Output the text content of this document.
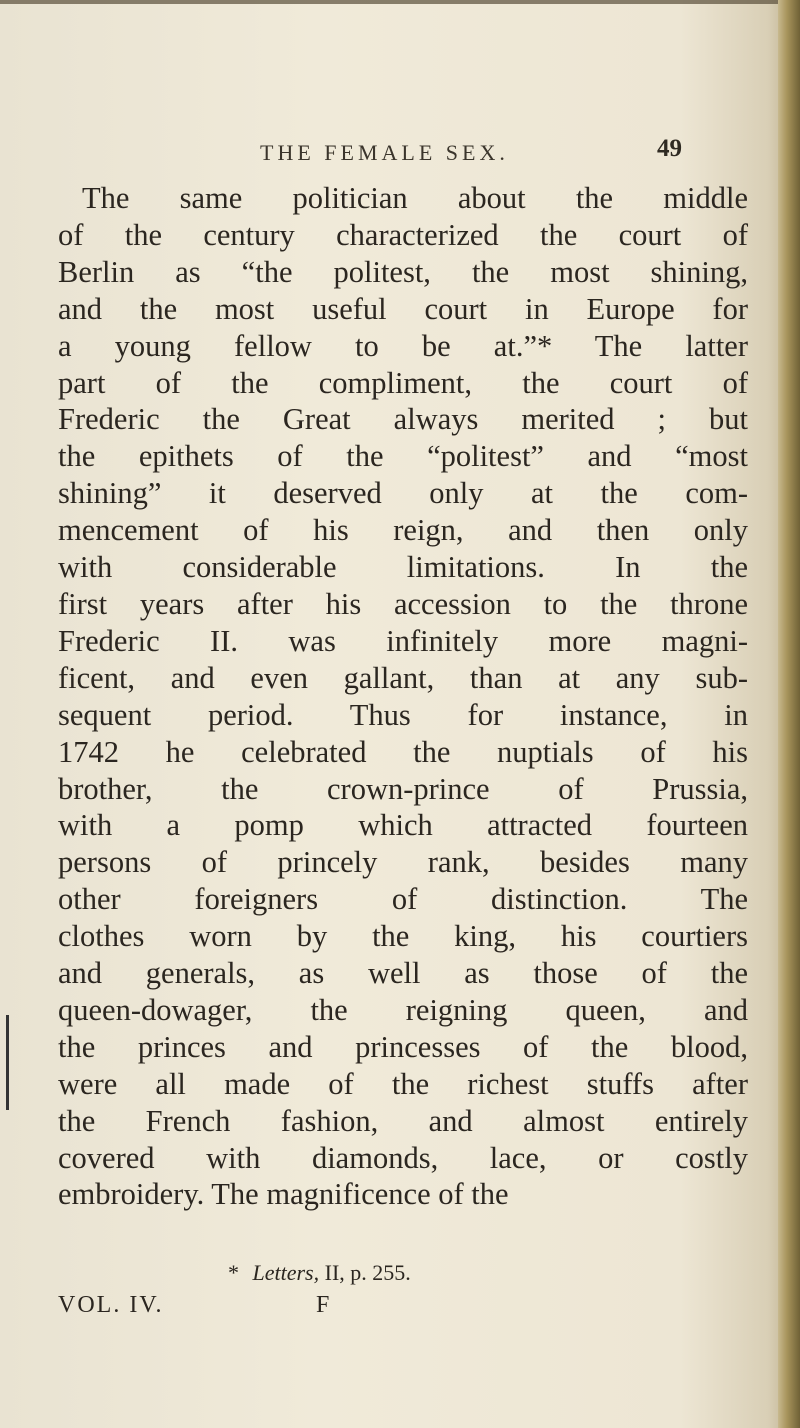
THE FEMALE SEX.	49
The same politician about the middle
of the century characterized the court of
Berlin as “the politest, the most shining,
and the most useful court in Europe for
a young fellow to be at.”* The latter
part of the compliment, the court of
Frederic the Great always merited ; but
the epithets of the “politest” and “most
shining” it deserved only at the com-
mencement of his reign, and then only
with considerable limitations. In the
first years after his accession to the throne
Frederic II. was infinitely more magni-
ficent, and even gallant, than at any sub-
sequent period. Thus for instance, in
1742 he celebrated the nuptials of his
brother, the crown-prince of Prussia,
with a pomp which attracted fourteen
persons of princely rank, besides many
other foreigners of distinction. The
clothes worn by the king, his courtiers
and generals, as well as those of the
queen-dowager, the reigning queen, and
the princes and princesses of the blood,
were all made of the richest stuffs after
the French fashion, and almost entirely
covered with diamonds, lace, or costly
embroidery. The magnificence of the
* Letters, II, p. 255.
VOL. IV.	F
